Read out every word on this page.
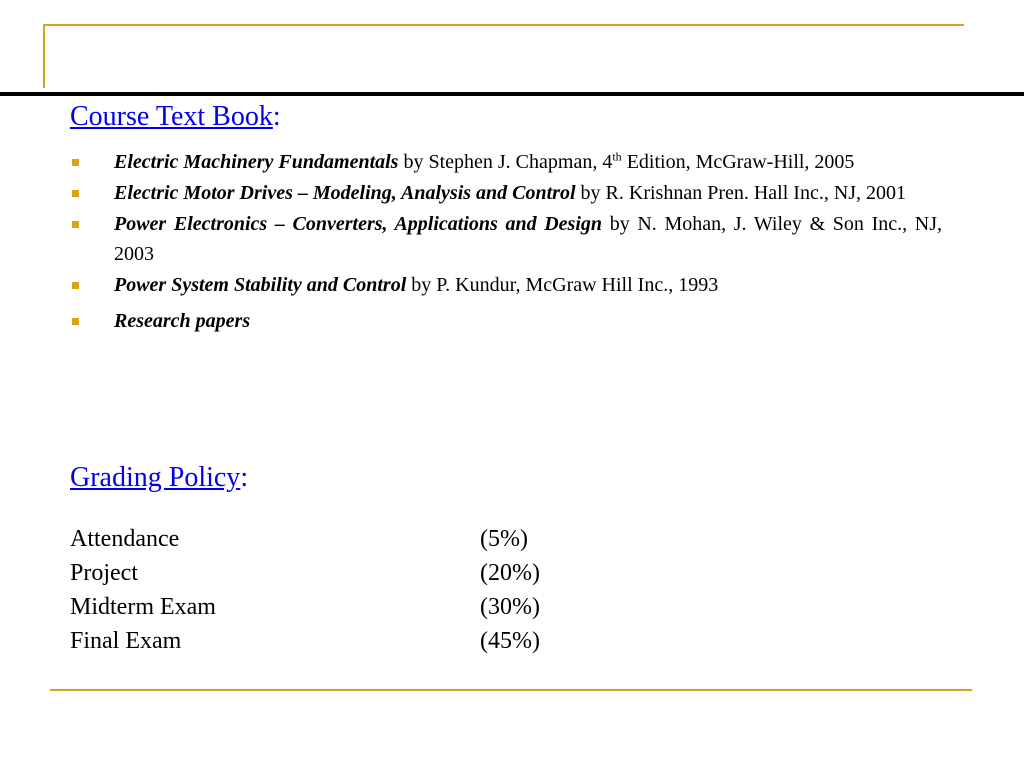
Course Text Book:
Electric Machinery Fundamentals by Stephen J. Chapman, 4th Edition, McGraw-Hill, 2005
Electric Motor Drives – Modeling, Analysis and Control by R. Krishnan Pren. Hall Inc., NJ, 2001
Power Electronics – Converters, Applications and Design by N. Mohan, J. Wiley & Son Inc., NJ, 2003
Power System Stability and Control by P. Kundur, McGraw Hill Inc., 1993
Research papers
Grading Policy:
Attendance	(5%)
Project	(20%)
Midterm Exam	(30%)
Final Exam	(45%)
